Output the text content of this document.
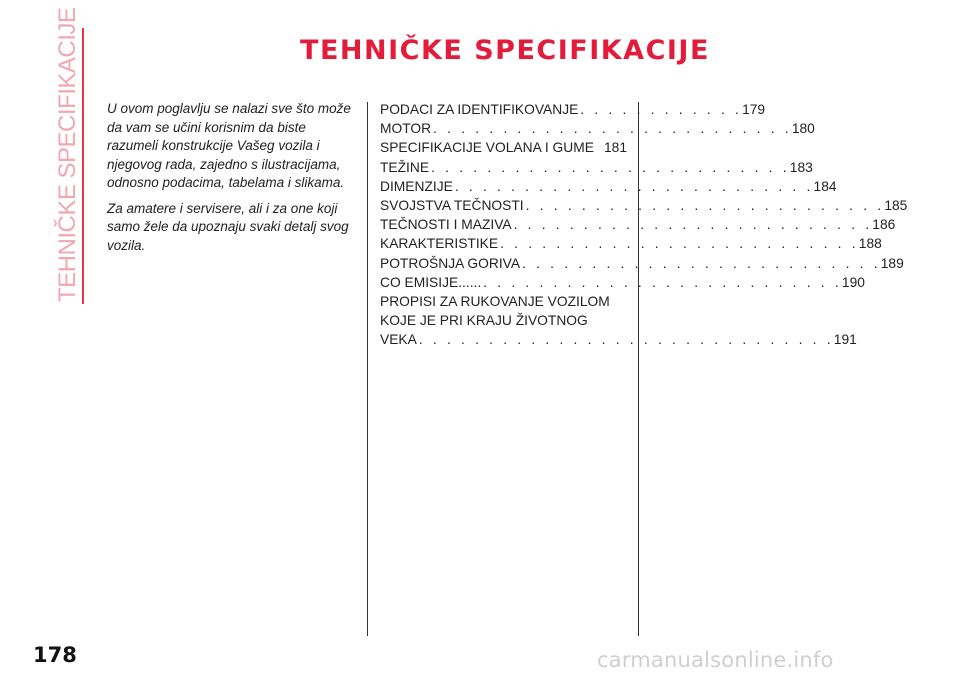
TEHNIČKE SPECIFIKACIJE	TEHNIČKE SPECIFIKACIJE

U ovom poglavlju se nalazi sve što može da vam se učini korisnim da biste razumeli konstrukcije Vašeg vozila i njegovog rada, zajedno s ilustracijama, odnosno podacima, tabelama i slikama.

Za amatere i servisere, ali i za one koji samo žele da upoznaju svaki detalj svog vozila.

PODACI ZA IDENTIFIKOVANJE . . . . . . . . . . . . 179
MOTOR . . . . . . . . . . . . . . . . . . . . . . . . . . 180
SPECIFIKACIJE VOLANA I GUME 181
TEŽINE . . . . . . . . . . . . . . . . . . . . . . . . . . 183
DIMENZIJE . . . . . . . . . . . . . . . . . . . . . . . . . . 184
SVOJSTVA TEČNOSTI . . . . . . . . . . . . . . . . . . . . . . . . . . 185
TEČNOSTI I MAZIVA . . . . . . . . . . . . . . . . . . . . . . . . . . 186
KARAKTERISTIKE . . . . . . . . . . . . . . . . . . . . . . . . . . 188
POTROŠNJA GORIVA . . . . . . . . . . . . . . . . . . . . . . . . . . 189
CO EMISIJE...... . . . . . . . . . . . . . . . . . . . . . . . . . . 190
PROPISI ZA RUKOVANJE VOZILOM
KOJE JE PRI KRAJU ŽIVOTNOG
VEKA . . . . . . . . . . . . . . . . . . . . . . . . . . . . . . 191
178	carmanualsonline.info
